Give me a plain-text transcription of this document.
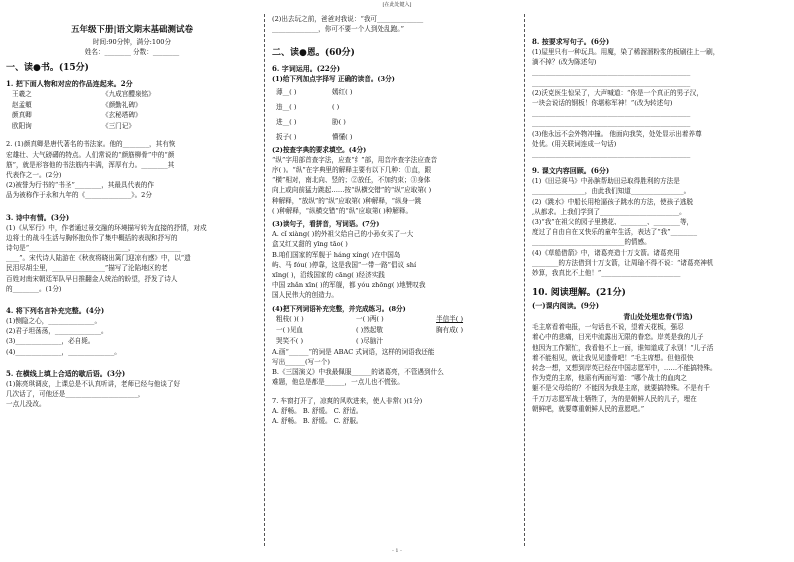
[在此处键入]
五年级下册|语文期末基础测试卷
时间:90分钟，满分:100分
姓名：________ 分数：________
一、读●书。(15分)
1. 把下面人物和对应的作品连起来。2分
王羲之	《九成宫醴泉铭》
赵孟頫	《颜勤礼碑》
颜真卿	《玄秘塔碑》
欧阳询	《三门记》
2. (1)颜真卿是唐代著名的书法家。他的________，其有恢
宏雄壮、大气磅礴的特点。人们常说的“颜筋柳骨”中的“颜
筋”，就是形容他的书法筋内丰满，浑厚有力。________其
代表作之一。(2分)
(2)被誉为行书的“书圣”________，其最具代表的作
品为被称作于永和九年的《______________》。2分
3. 诗中有情。(3分)
(1)《从军行》中，作者通过景交融的环境描写转为直接的抒情，对戍
边将士的战斗生活与胸怀抱负作了集中概括的表现和抒写的
诗句是“______________________________，______________
____”。宋代诗人陆游在《秋夜将晓出篱门迎凉有感》中，以“遗
民泪尽胡尘里，________________”描写了沦陷地区的老
百姓对南宋朝廷军队早日推翻金人统治的盼望，抒发了诗人
的________。(1分)
4. 将下列名言补充完整。(4分)
(1)恻隐之心，______________。
(2)君子坦荡荡，______________。
(3)______________，必自毙。
(4)______________，______________。
5. 在横线上填上合适的歇后语。(3分)
(1)陈亮琪调皮，上课总是不认真听讲，老师已经与他谈了好
几次话了，可他还是______________________，
一点儿没改。
(2)出去玩之前，爸爸对我说：“我可______________
______________，你可不要一个人到处乱跑。”
二、读●恩。(60分)
6. 字词运用。(22分)
(1)给下列加点字择写 正确的读音。(3分)
薄__( )	嫣红( )
违__( )	( )
进__( )	胁( )
扳子( )	懵懂( )
(2)按查字典的要求填空。(4分)
“纵”字用部首查字法，应查“纟”部，用音序查字法应查音
序( )。“纵”在字典里的解释主要有以下几种：①直，跟
“横”相对，南北向、竖的；②放任，不加约束；③身体
向上或向前猛力跳起……按“纵横交错”的“纵”应取第( )
种解释，“放纵”的“纵”应取第( )种解释，“纵身一跳
( )种解释，“纵横交错”的“纵”应取第( )种解释。
(3)读句子，看拼音，写词语。(7分)
A. cǐ xiàng( )的外祖父给自己的小孙女买了一大
盒又红又甜的 yīng tāo( )
B.咱们国家的军舰于 háng xíng( )在中国岛
屿、马 fóu( )停靠，这是我国“一带一路”倡议 shí
xīng( )，沿线国家的 cāng( )经济实践
中国 zhǎn xīn( )的军舰，都 yóu zhōng( )地赞叹我
国人民伟大的创造力。
(4)把下列词语补充完整，并完成练习。(8分)
粗枝( )( )	一( )两( )	半信半( )
一( )见血	( )然起敬	胸有成( )
哭笑不( )	( )尽脑汁
A.画“______”的词是 ABAC 式词语，这样的词语我还能
写出______(写一个)
B.《三国演义》中我最佩服______的诸葛亮，不管遇到什么
难题，他总是都是______，一点儿也不慌张。
7. 车窗打开了，凉爽的风吹进来，使人非常( )(1分)
A. 舒畅。 B. 舒缓。 C. 舒适。
A. 舒畅。 B. 舒缓。 C. 舒服。
8. 按要求写句子。(6分)
(1)屋里只有一种玩具。用魔，染了稀溜溜粉浆的板刷往上一刷，
滴不掉？(改为陈述句)
________________________________________________
________________________________________________
(2)沃克医生惊呆了，大声喊道：“你是一个真正的男子汉，
一块会说话的钢板！你堪称军神！”(改为转述句)
________________________________________________
________________________________________________
(3)他永远不会外物冲撞。 他面向我笑，处处显示出着养尊
处优。(用关联词连成一句话)
________________________________________________
9. 课文内容回顾。(6分)
(1)《田忌赛马》中孙膑帮助田忌取得胜利的方法是
________________，由此我们知道________________。
(2)《跳水》中船长用枪逼孩子跳水的方法，使孩子逃脱
,从都求。上我们学到了________________________。
(3)“我”在祖父的园子里摸花、________、________等，
度过了自由自在又快乐的童年生活，表达了“我”________
____________________________的情感。
(4)《草船借箭》中，诸葛亮造十万支箭。诸葛亮用
________的方法借到十万支箭，让周瑜不得不说：“诸葛亮神机
妙算，我真比不上他！”________________________
10. 阅读理解。(21分)
(一)课内阅读。(9分)
青山处处埋忠骨(节选)
毛主席看着电报，一句话也不说，望着天花板，强忍
着心中的悲痛，目光中流露出无限的眷恋。岸英是我的儿子
他因为工作繁忙，我看他不上一面，谁知道成了永别！“儿子活
着不能相见，就让我见见遗骨吧！”毛主席想。但他很快
转念一想，又想到岸英已经在中国志愿军中，……不能搞特殊。
作为党的主席，他需有两面写道：“哪个战士的血肉之
躯不是父母给的？不能因为我是主席，就要搞特殊。不是有千
千万万志愿军战士牺牲了，为的是朝鲜人民的儿子，埋在
朝鲜吧，就要尊重朝鲜人民的意愿吧。”
- 1 -
